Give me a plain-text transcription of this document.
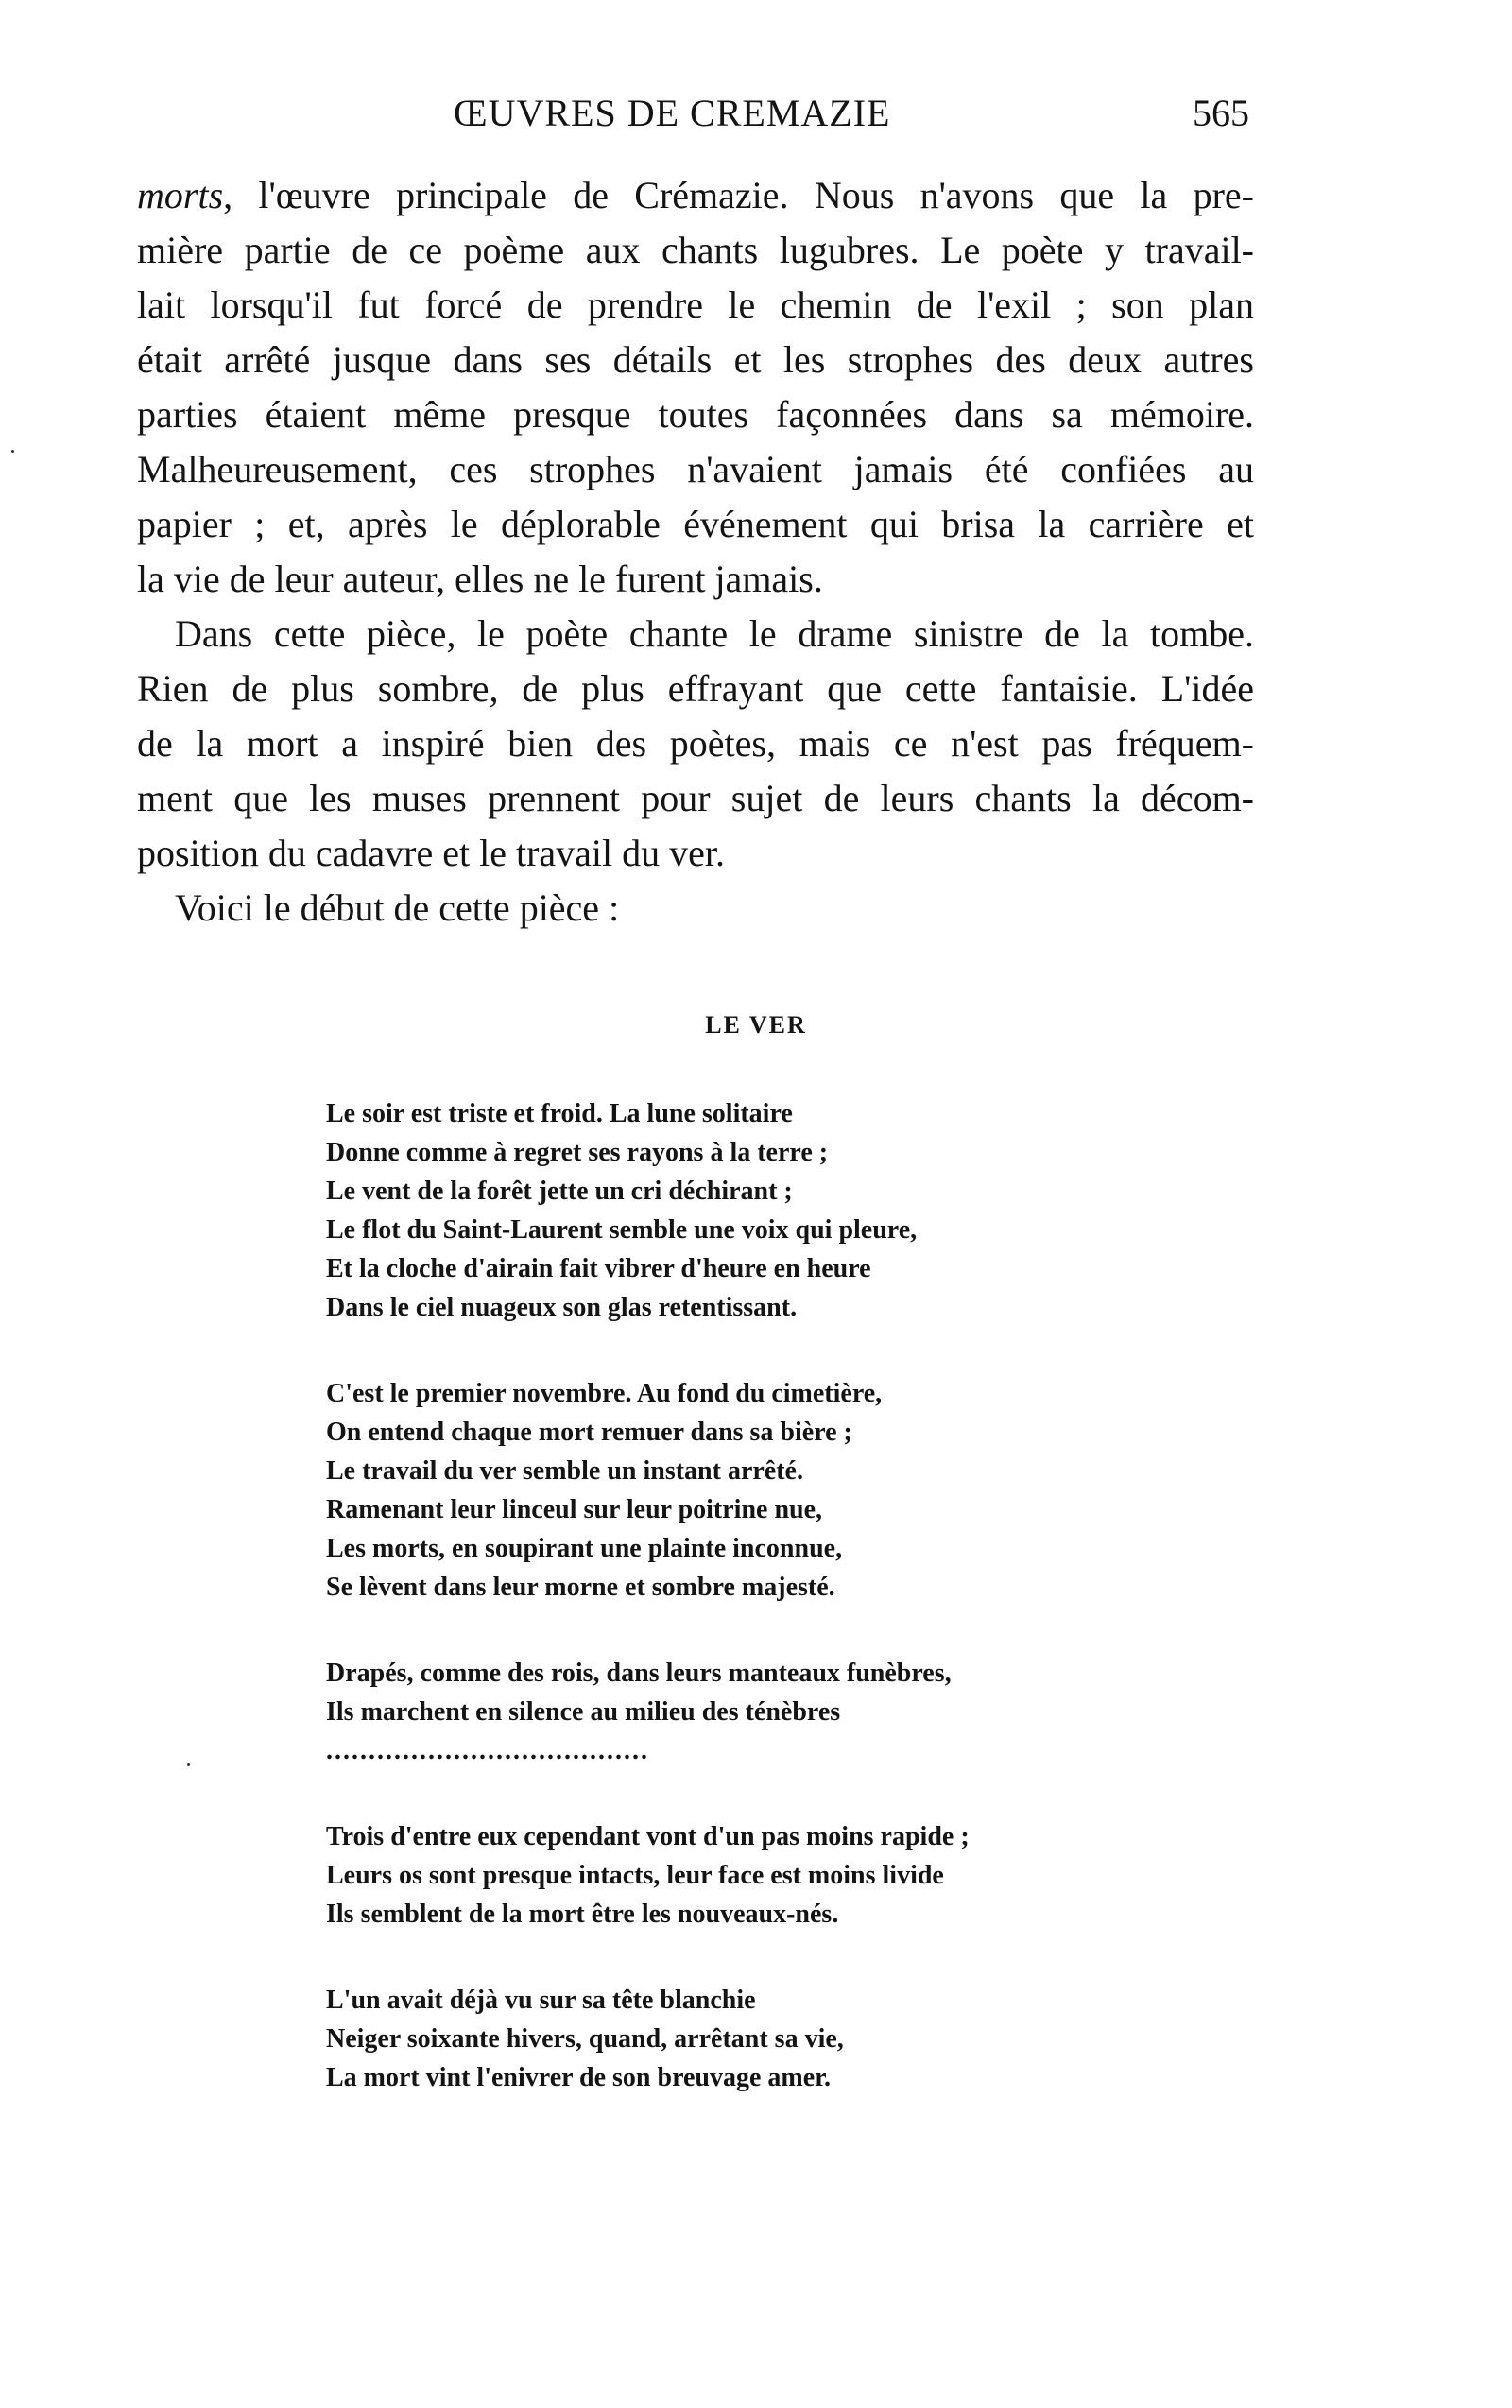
ŒUVRES DE CREMAZIE	565

morts, l'œuvre principale de Crémazie. Nous n'avons que la pre-

mière partie de ce poème aux chants lugubres. Le poète y travail-

lait lorsqu'il fut forcé de prendre le chemin de l'exil ; son plan

était arrêté jusque dans ses détails et les strophes des deux autres

parties étaient même presque toutes façonnées dans sa mémoire.

Malheureusement, ces strophes n'avaient jamais été confiées au

papier ; et, après le déplorable événement qui brisa la carrière et

la vie de leur auteur, elles ne le furent jamais.

Dans cette pièce, le poète chante le drame sinistre de la tombe.

Rien de plus sombre, de plus effrayant que cette fantaisie. L'idée

de la mort a inspiré bien des poètes, mais ce n'est pas fréquem-

ment que les muses prennent pour sujet de leurs chants la décom-

position du cadavre et le travail du ver.

Voici le début de cette pièce :

LE VER
Le soir est triste et froid. La lune solitaire
Donne comme à regret ses rayons à la terre ;
Le vent de la forêt jette un cri déchirant ;
Le flot du Saint-Laurent semble une voix qui pleure,
Et la cloche d'airain fait vibrer d'heure en heure
Dans le ciel nuageux son glas retentissant.
C'est le premier novembre. Au fond du cimetière,
On entend chaque mort remuer dans sa bière ;
Le travail du ver semble un instant arrêté.
Ramenant leur linceul sur leur poitrine nue,
Les morts, en soupirant une plainte inconnue,
Se lèvent dans leur morne et sombre majesté.
Drapés, comme des rois, dans leurs manteaux funèbres,
Ils marchent en silence au milieu des ténèbres
......................................
Trois d'entre eux cependant vont d'un pas moins rapide ;
Leurs os sont presque intacts, leur face est moins livide
Ils semblent de la mort être les nouveaux-nés.
L'un avait déjà vu sur sa tête blanchie
Neiger soixante hivers, quand, arrêtant sa vie,
La mort vint l'enivrer de son breuvage amer.
